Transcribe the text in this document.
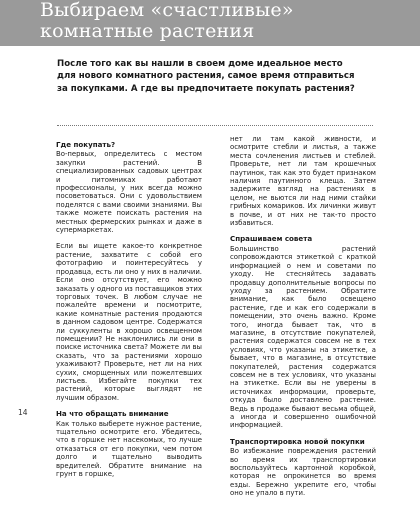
Выбираем «счастливые»
комнатные растения

После того как вы нашли в своем доме идеальное место для нового комнатного растения, самое время отправиться за покупками. А где вы предпочитаете покупать растения?

Где покупать?

Во-первых, определитесь с местом закупки растений. В специализированных садовых центрах и питомниках работают профессионалы, у них всегда можно посоветоваться. Они с удовольствием поделятся с вами своими знаниями. Вы также можете поискать растения на местных фермерских рынках и даже в супермаркетах.

Если вы ищете какое-то конкретное растение, захватите с собой его фотографию и поинтересуйтесь у продавца, есть ли оно у них в наличии. Если оно отсутствует, его можно заказать у одного из поставщиков этих торговых точек. В любом случае не пожалейте времени и посмотрите, какие комнатные растения продаются в данном садовом центре. Содержатся ли суккуленты в хорошо освещенном помещении? Не наклонились ли они в поиске источника света? Можете ли вы сказать, что за растениями хорошо ухаживают? Проверьте, нет ли на них сухих, сморщенных или пожелтевших листьев. Избегайте покупки тех растений, которые выглядят не лучшим образом.

На что обращать внимание

Как только выберете нужное растение, тщательно осмотрите его. Убедитесь, что в горшке нет насекомых, то лучше отказаться от его покупки, чем потом долго и тщательно выводить вредителей. Обратите внимание на грунт в горшке,

нет ли там какой живности, и осмотрите стебли и листья, а также места сочленения листьев и стеблей. Проверьте, нет ли там крошечных паутинок, так как это будет признаком наличия паутинного клеща. Затем задержите взгляд на растениях в целом, не вьются ли над ними стайки грибных комариков. Их личинки живут в почве, и от них не так-то просто избавиться.

Спрашиваем совета

Большинство растений сопровождаются этикеткой с краткой информацией о нем и советами по уходу. Не стесняйтесь задавать продавцу дополнительные вопросы по уходу за растением. Обратите внимание, как было освещено растение, где и как его содержали в помещении, это очень важно. Кроме того, иногда бывает так, что в магазине, в отсутствие покупателей, растения содержатся совсем не в тех условиях, что указаны на этикетке, а бывает, что в магазине, в отсутствие покупателей, растения содержатся совсем не в тех условиях, что указаны на этикетке. Если вы не уверены в источниках информации, проверьте, откуда было доставлено растение. Ведь в продаже бывают весьма общей, а иногда и совершенно ошибочной информацией.

Транспортировка новой покупки

Во избежание повреждения растений во время их транспортировки воспользуйтесь картонной коробкой, которая не опрокинется во время езды. Бережно укрепите его, чтобы оно не упало в пути.

14
